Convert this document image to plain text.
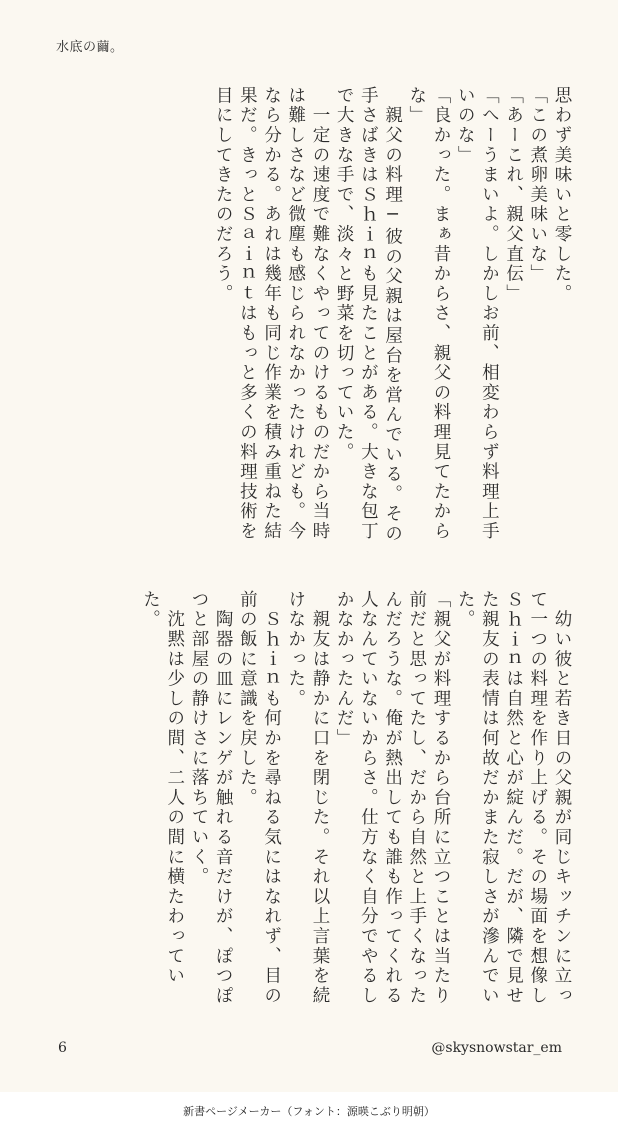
水底の繭。
思わず美味いと零した。
「この煮卵美味いな」
「あーこれ、親父直伝」
「へーうまいよ。しかしお前、相変わらず料理上手いのな」
「良かった。まぁ昔からさ、親父の料理見てたからな」
　親父の料理─彼の父親は屋台を営んでいる。その手さばきはＳｈｉｎも見たことがある。大きな包丁で大きな手で、淡々と野菜を切っていた。
　一定の速度で難なくやってのけるものだから当時は難しさなど微塵も感じられなかったけれども。今なら分かる。あれは幾年も同じ作業を積み重ねた結果だ。きっとＳａｉｎｔはもっと多くの料理技術を目にしてきたのだろう。
　幼い彼と若き日の父親が同じキッチンに立って一つの料理を作り上げる。その場面を想像しＳｈｉｎは自然と心が綻んだ。だが、隣で見せた親友の表情は何故だかまた寂しさが滲んでいた。
「親父が料理するから台所に立つことは当たり前だと思ってたし、だから自然と上手くなったんだろうな。俺が熱出しても誰も作ってくれる人なんていないからさ。仕方なく自分でやるしかなかったんだ」
　親友は静かに口を閉じた。それ以上言葉を続けなかった。
　Ｓｈｉｎも何かを尋ねる気にはなれず、目の前の飯に意識を戻した。
　陶器の皿にレンゲが触れる音だけが、ぽつぽつと部屋の静けさに落ちていく。
　沈黙は少しの間、二人の間に横たわっていた。
6	@skysnowstar_em
新書ページメーカー（フォント：源暎こぶり明朝）
